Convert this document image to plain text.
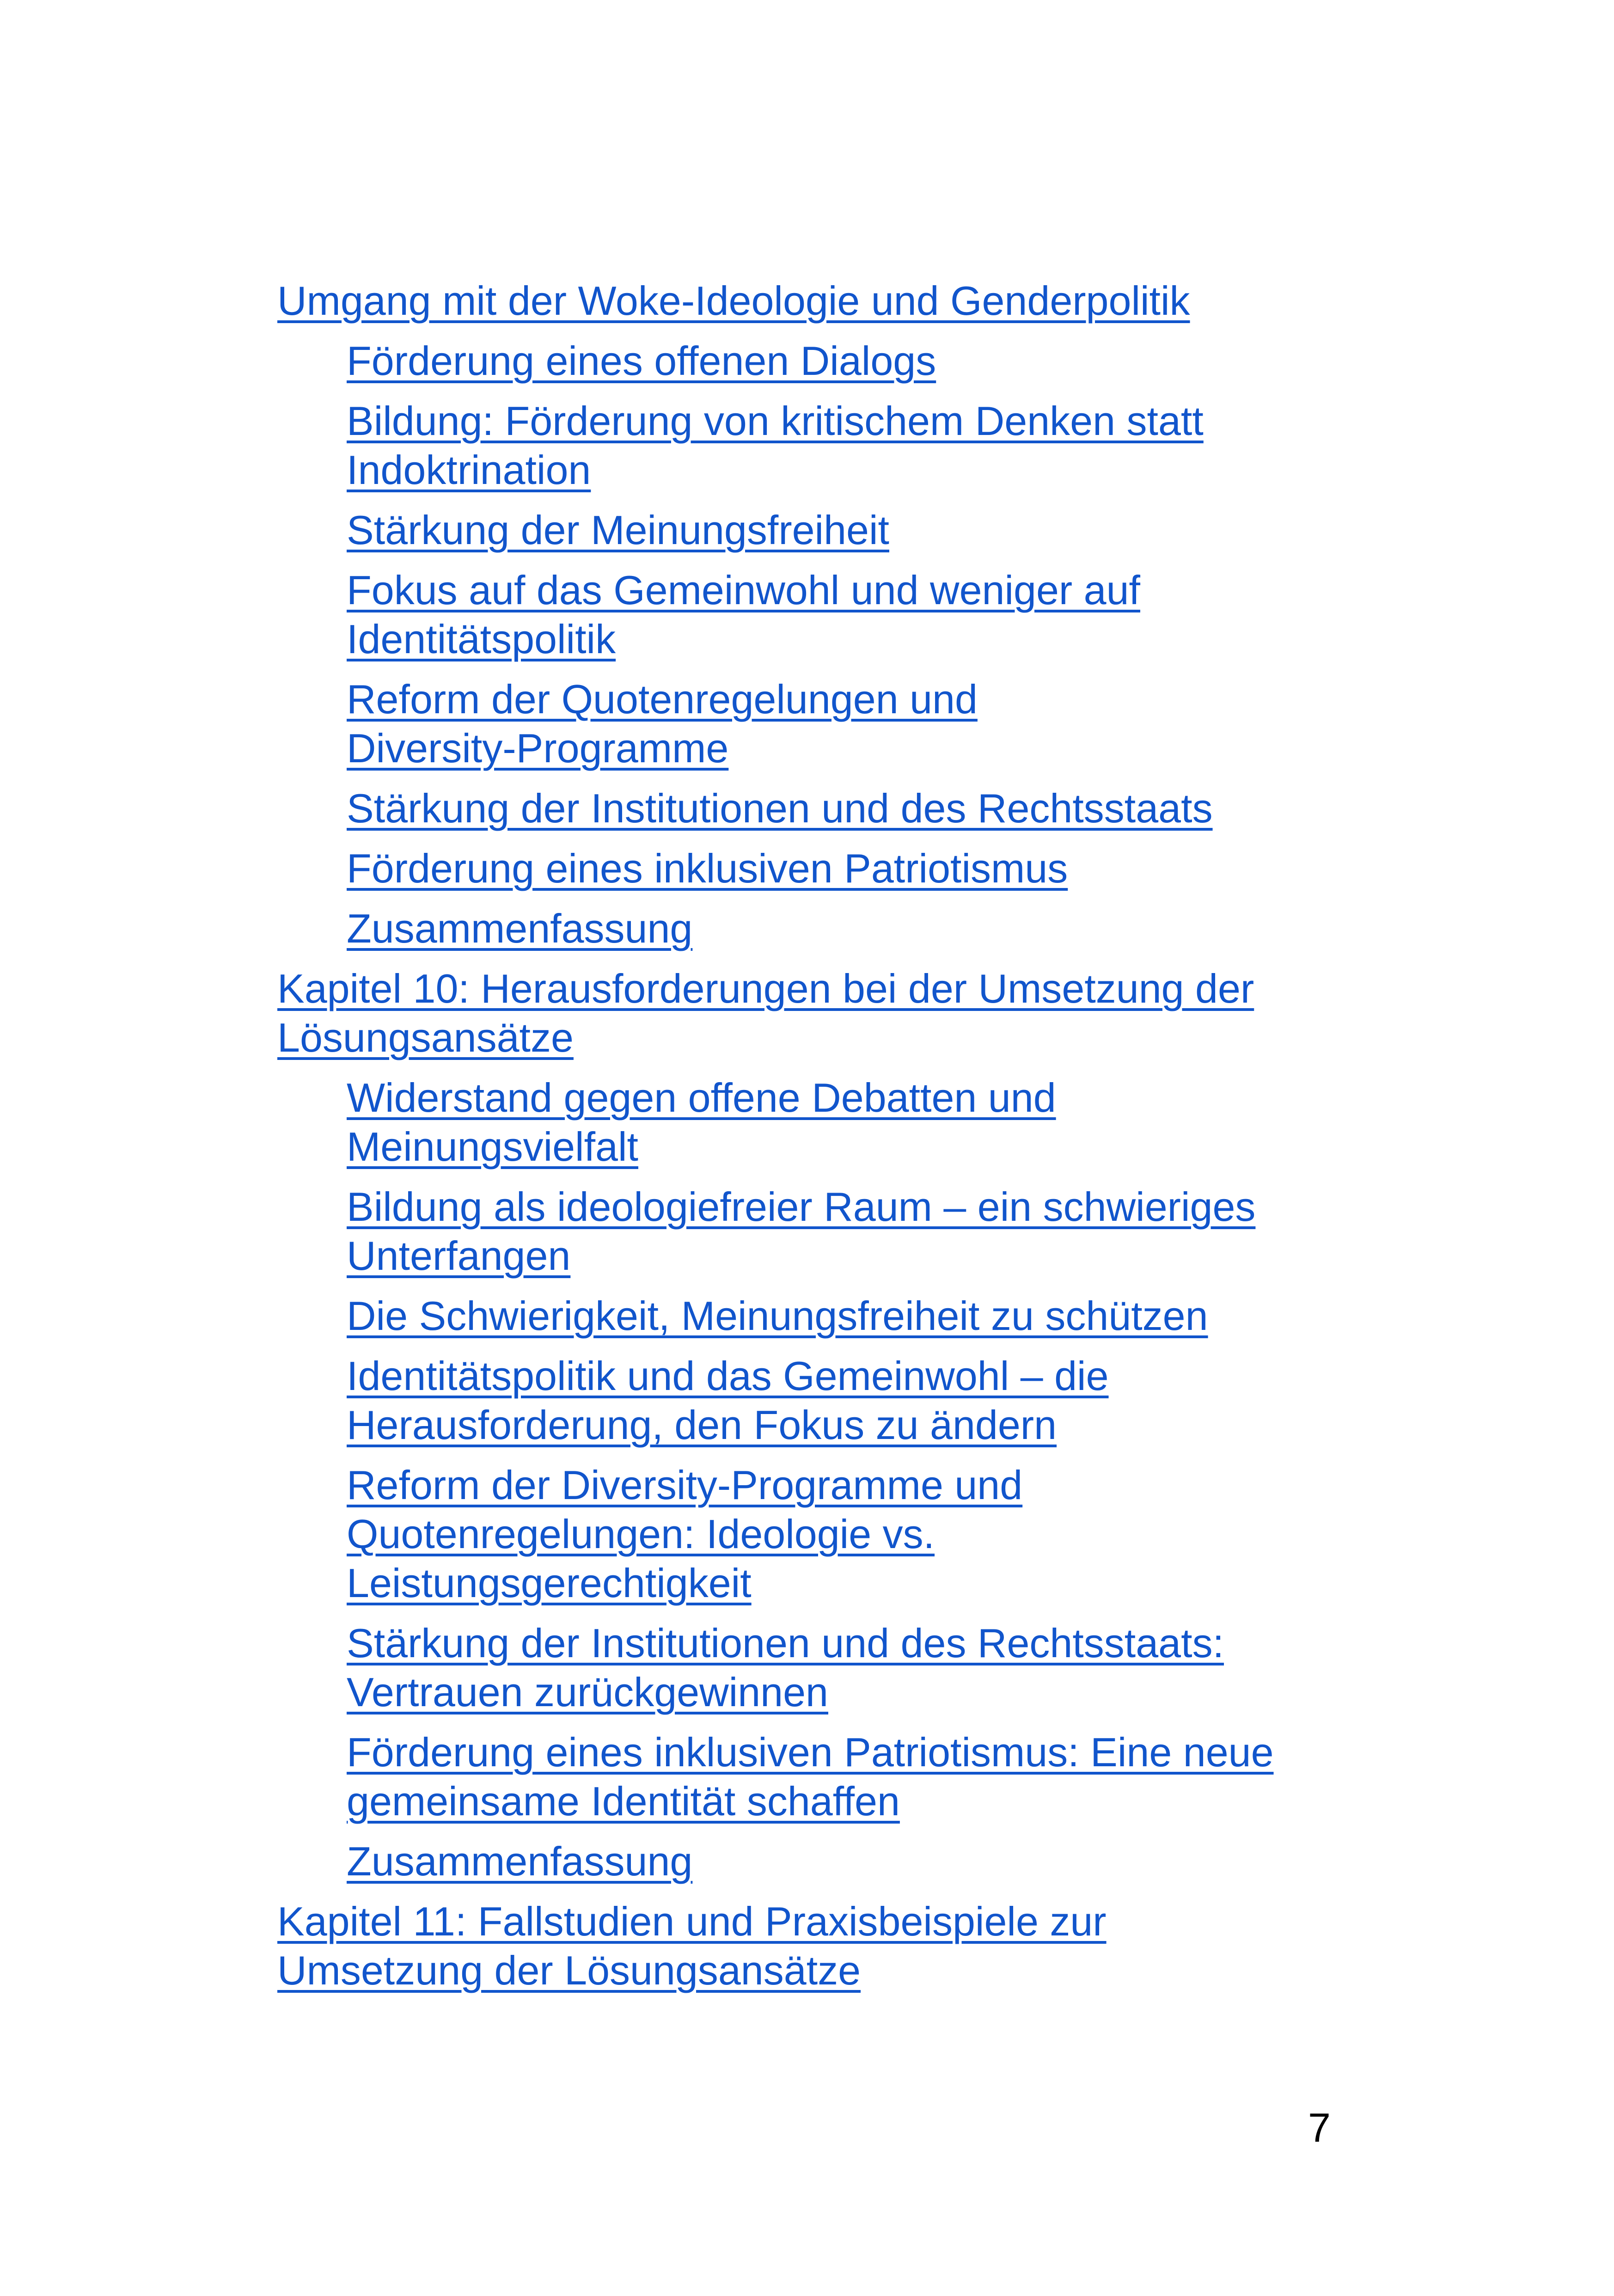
Umgang mit der Woke-Ideologie und Genderpolitik
Förderung eines offenen Dialogs
Bildung: Förderung von kritischem Denken statt
Indoktrination
Stärkung der Meinungsfreiheit
Fokus auf das Gemeinwohl und weniger auf
Identitätspolitik
Reform der Quotenregelungen und
Diversity-Programme
Stärkung der Institutionen und des Rechtsstaats
Förderung eines inklusiven Patriotismus
Zusammenfassung
Kapitel 10: Herausforderungen bei der Umsetzung der
Lösungsansätze
Widerstand gegen offene Debatten und
Meinungsvielfalt
Bildung als ideologiefreier Raum – ein schwieriges
Unterfangen
Die Schwierigkeit, Meinungsfreiheit zu schützen
Identitätspolitik und das Gemeinwohl – die
Herausforderung, den Fokus zu ändern
Reform der Diversity-Programme und
Quotenregelungen: Ideologie vs.
Leistungsgerechtigkeit
Stärkung der Institutionen und des Rechtsstaats:
Vertrauen zurückgewinnen
Förderung eines inklusiven Patriotismus: Eine neue
gemeinsame Identität schaffen
Zusammenfassung
Kapitel 11: Fallstudien und Praxisbeispiele zur
Umsetzung der Lösungsansätze
7
